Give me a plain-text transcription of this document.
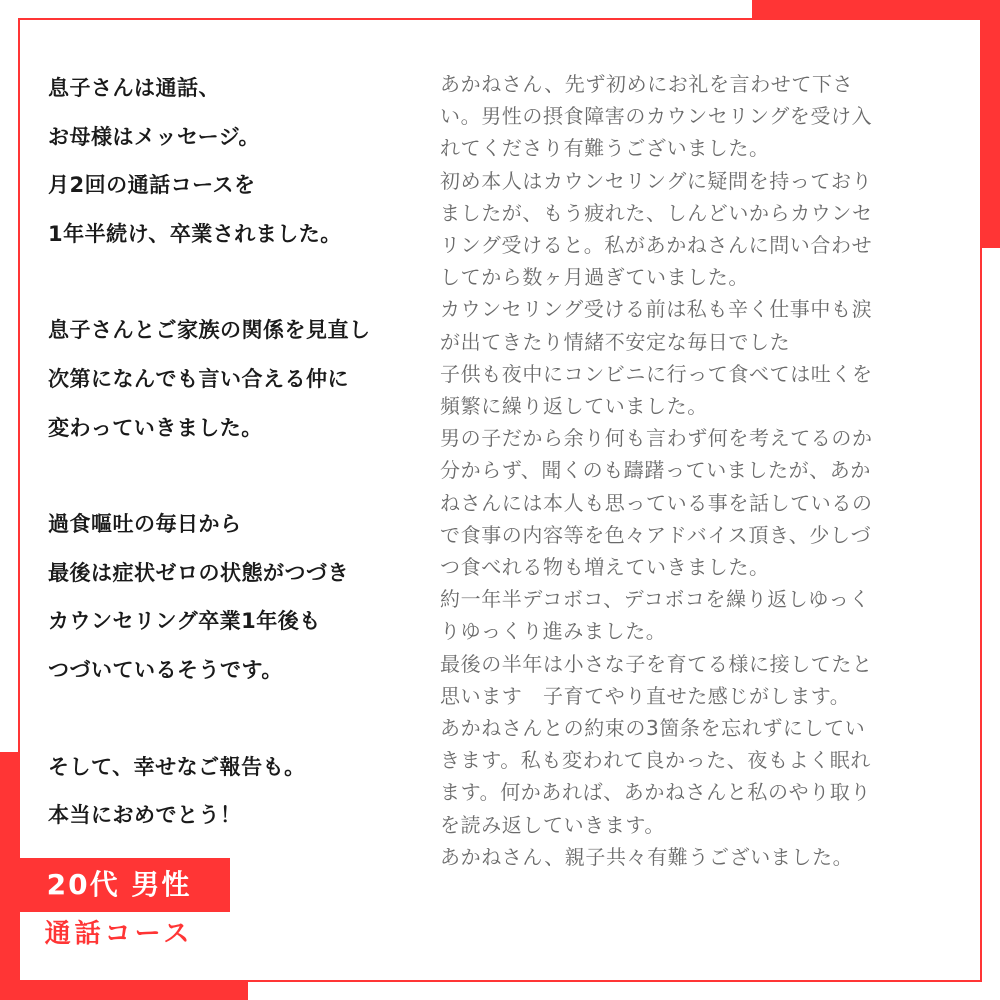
息子さんは通話、
お母様はメッセージ。
月2回の通話コースを
1年半続け、卒業されました。
息子さんとご家族の関係を見直し
次第になんでも言い合える仲に
変わっていきました。
過食嘔吐の毎日から
最後は症状ゼロの状態がつづき
カウンセリング卒業1年後も
つづいているそうです。
そして、幸せなご報告も。
本当におめでとう！
あかねさん、先ず初めにお礼を言わせて下さ
い。男性の摂食障害のカウンセリングを受け入
れてくださり有難うございました。
初め本人はカウンセリングに疑問を持っており
ましたが、もう疲れた、しんどいからカウンセ
リング受けると。私があかねさんに問い合わせ
してから数ヶ月過ぎていました。
カウンセリング受ける前は私も辛く仕事中も涙
が出てきたり情緒不安定な毎日でした
子供も夜中にコンビニに行って食べては吐くを
頻繁に繰り返していました。
男の子だから余り何も言わず何を考えてるのか
分からず、聞くのも躊躇っていましたが、あか
ねさんには本人も思っている事を話しているの
で食事の内容等を色々アドバイス頂き、少しづ
つ食べれる物も増えていきました。
約一年半デコボコ、デコボコを繰り返しゆっく
りゆっくり進みました。
最後の半年は小さな子を育てる様に接してたと
思います　子育てやり直せた感じがします。
あかねさんとの約束の3箇条を忘れずにしてい
きます。私も変われて良かった、夜もよく眠れ
ます。何かあれば、あかねさんと私のやり取り
を読み返していきます。
あかねさん、親子共々有難うございました。
20代 男性
通話コース
